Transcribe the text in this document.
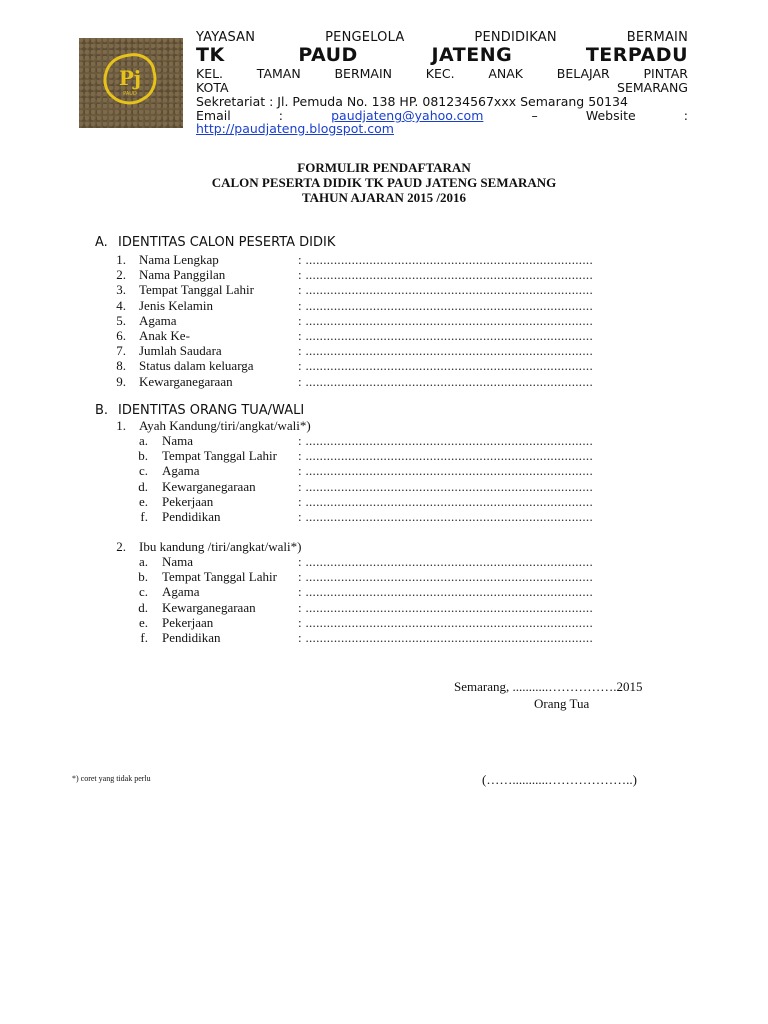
Pj
PAUD
YAYASAN PENGELOLA PENDIDIKAN BERMAIN
TK PAUD JATENG TERPADU
KEL. TAMAN BERMAIN KEC. ANAK BELAJAR PINTAR
KOTA SEMARANG
Sekretariat : Jl. Pemuda No. 138 HP. 081234567xxx Semarang 50134
Email :	paudjateng@yahoo.com	– Website :
http://paudjateng.blogspot.com
FORMULIR PENDAFTARAN
CALON PESERTA DIDIK TK PAUD JATENG SEMARANG
TAHUN AJARAN 2015 /2016
A. IDENTITAS CALON PESERTA DIDIK
1. Nama Lengkap	: .................................................................................
2. Nama Panggilan	: .................................................................................
3. Tempat Tanggal Lahir	: .................................................................................
4. Jenis Kelamin	: .................................................................................
5. Agama	: .................................................................................
6. Anak Ke-	: .................................................................................
7. Jumlah Saudara	: .................................................................................
8. Status dalam keluarga	: .................................................................................
9. Kewarganegaraan	: .................................................................................
B. IDENTITAS ORANG TUA/WALI
1. Ayah Kandung/tiri/angkat/wali*)
a. Nama	: .................................................................................
b. Tempat Tanggal Lahir : .................................................................................
c. Agama	: .................................................................................
d. Kewarganegaraan	: .................................................................................
e. Pekerjaan	: .................................................................................
f. Pendidikan	: .................................................................................
2. Ibu kandung /tiri/angkat/wali*)
a. Nama	: .................................................................................
b. Tempat Tanggal Lahir : .................................................................................
c. Agama	: .................................................................................
d. Kewarganegaraan	: .................................................................................
e. Pekerjaan	: .................................................................................
f. Pendidikan	: .................................................................................
Semarang, ...........…………….2015
Orang Tua
(……...........………………..)
*) coret yang tidak perlu
